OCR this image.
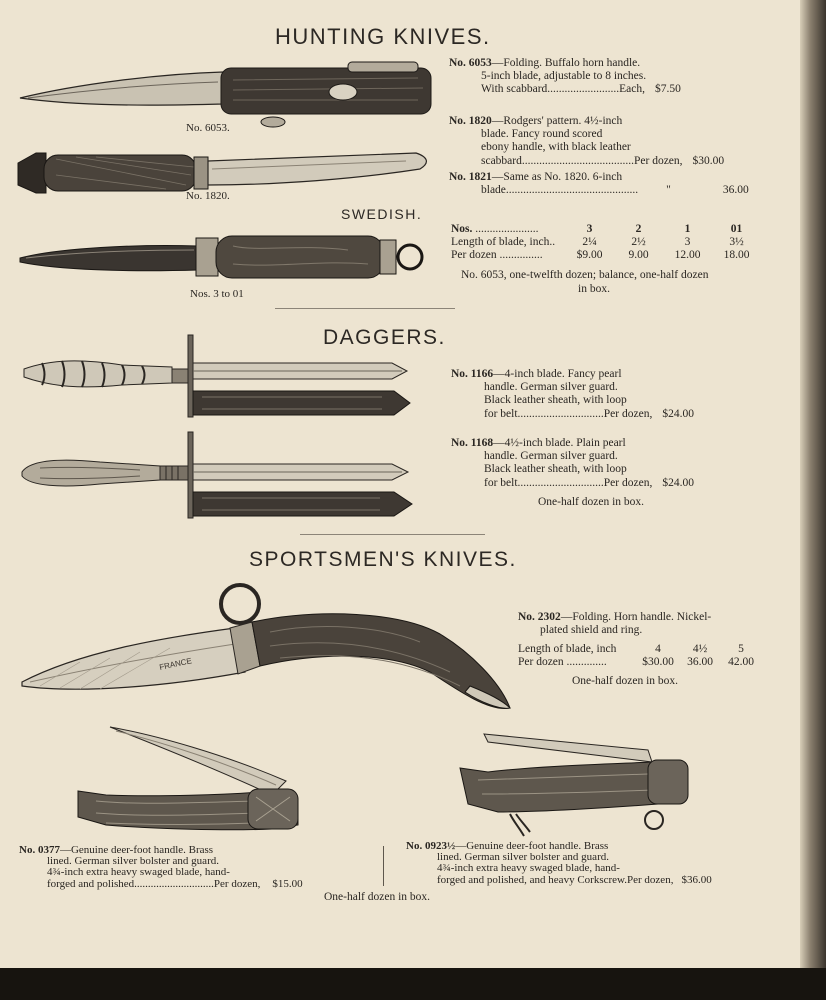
HUNTING KNIVES.
SWEDISH.
DAGGERS.
SPORTSMEN'S KNIVES.
No. 6053.
No. 1820.
Nos. 3 to 01
No. 6053—Folding. Buffalo horn handle.
5-inch blade, adjustable to 8 inches.
With scabbard.........................Each, $7.50
No. 1820—Rodgers' pattern. 4½-inch
blade. Fancy round scored
ebony handle, with black leather
scabbard.......................................Per dozen, $30.00
No. 1821—Same as No. 1820. 6-inch
blade.............................................. "	36.00
Nos. ......................	3	2	1	01
Length of blade, inch..	2¼	2½	3	3½
Per dozen ...............	$9.00	9.00	12.00	18.00
No. 6053, one-twelfth dozen; balance, one-half dozen
in box.
No. 1166—4-inch blade. Fancy pearl
handle. German silver guard.
Black leather sheath, with loop
for belt..............................Per dozen, $24.00
No. 1168—4½-inch blade. Plain pearl
handle. German silver guard.
Black leather sheath, with loop
for belt..............................Per dozen, $24.00
One-half dozen in box.
FRANCE
No. 2302—Folding. Horn handle. Nickel-
plated shield and ring.
Length of blade, inch	4	4½	5
Per dozen ..............	$30.00	36.00	42.00
One-half dozen in box.
No. 0377—Genuine deer-foot handle. Brass
lined. German silver bolster and guard.
4¾-inch extra heavy swaged blade, hand-
forged and polished.............................Per dozen, $15.00
No. 0923½—Genuine deer-foot handle. Brass
lined. German silver bolster and guard.
4¾-inch extra heavy swaged blade, hand-
forged and polished, and heavy Corkscrew.Per dozen, $36.00
One-half dozen in box.
